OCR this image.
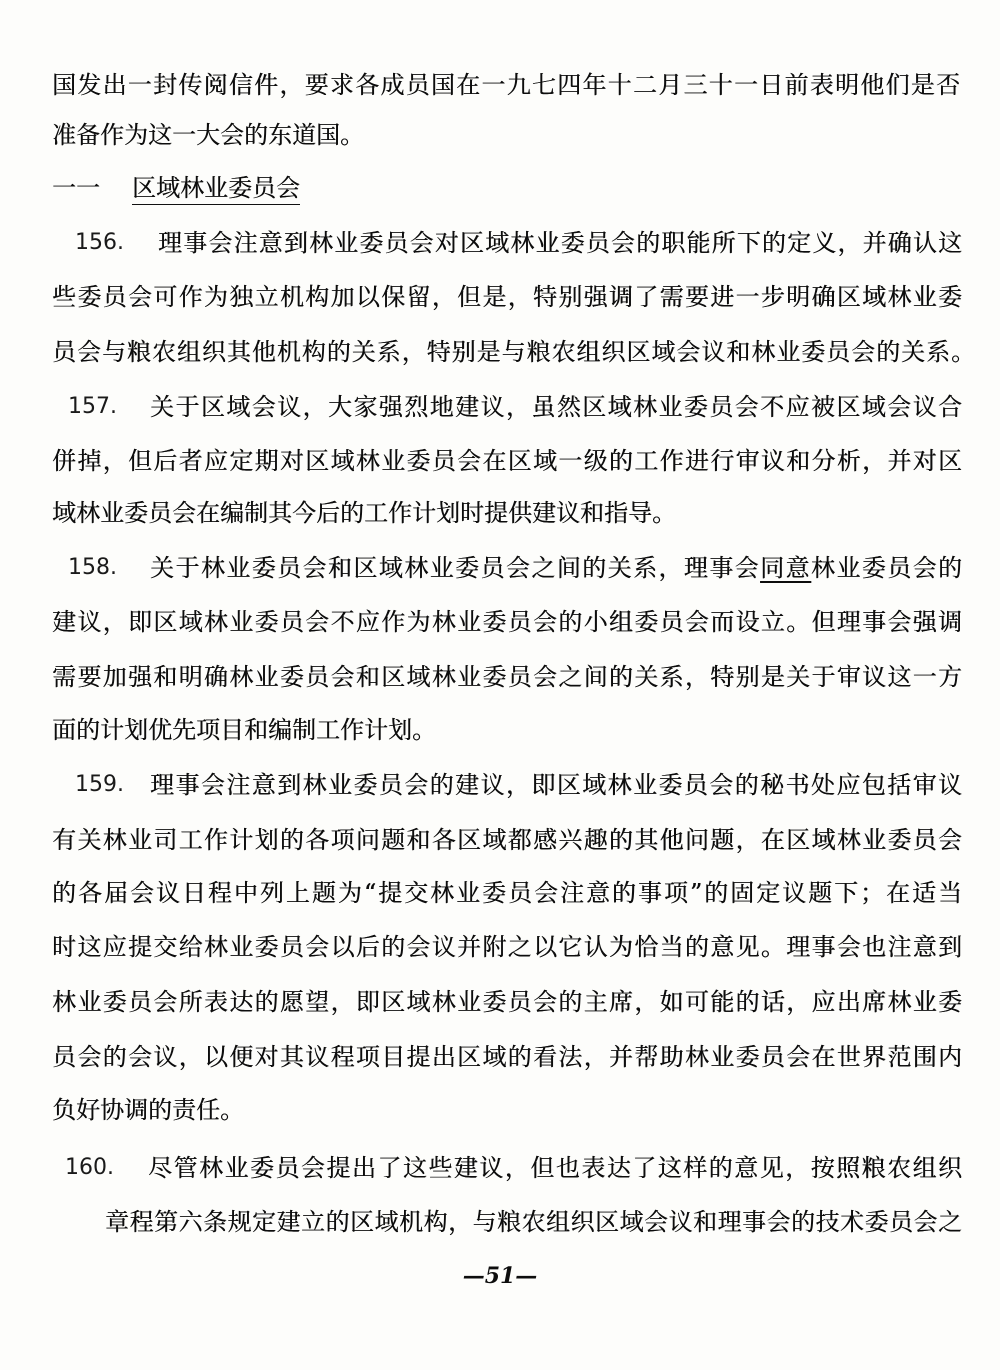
国发出一封传阅信件，要求各成员国在一九七四年十二月三十一日前表明他们是否
准备作为这一大会的东道国。
一一	区域林业委员会
156.	理事会注意到林业委员会对区域林业委员会的职能所下的定义，并确认这
些委员会可作为独立机构加以保留，但是，特别强调了需要进一步明确区域林业委
员会与粮农组织其他机构的关系，特别是与粮农组织区域会议和林业委员会的关系。
157.	关于区域会议，大家强烈地建议，虽然区域林业委员会不应被区域会议合
併掉，但后者应定期对区域林业委员会在区域一级的工作进行审议和分析，并对区
域林业委员会在编制其今后的工作计划时提供建议和指导。
158.	关于林业委员会和区域林业委员会之间的关系，理事会同意林业委员会的
建议，即区域林业委员会不应作为林业委员会的小组委员会而设立。但理事会强调
需要加强和明确林业委员会和区域林业委员会之间的关系，特别是关于审议这一方
面的计划优先项目和编制工作计划。
159.	理事会注意到林业委员会的建议，即区域林业委员会的秘书处应包括审议
有关林业司工作计划的各项问题和各区域都感兴趣的其他问题，在区域林业委员会
的各届会议日程中列上题为“提交林业委员会注意的事项”的固定议题下；在适当
时这应提交给林业委员会以后的会议并附之以它认为恰当的意见。理事会也注意到
林业委员会所表达的愿望，即区域林业委员会的主席，如可能的话，应出席林业委
员会的会议，以便对其议程项目提出区域的看法，并帮助林业委员会在世界范围内
负好协调的责任。
160.	尽管林业委员会提出了这些建议，但也表达了这样的意见，按照粮农组织
章程第六条规定建立的区域机构，与粮农组织区域会议和理事会的技术委员会之
—51—
